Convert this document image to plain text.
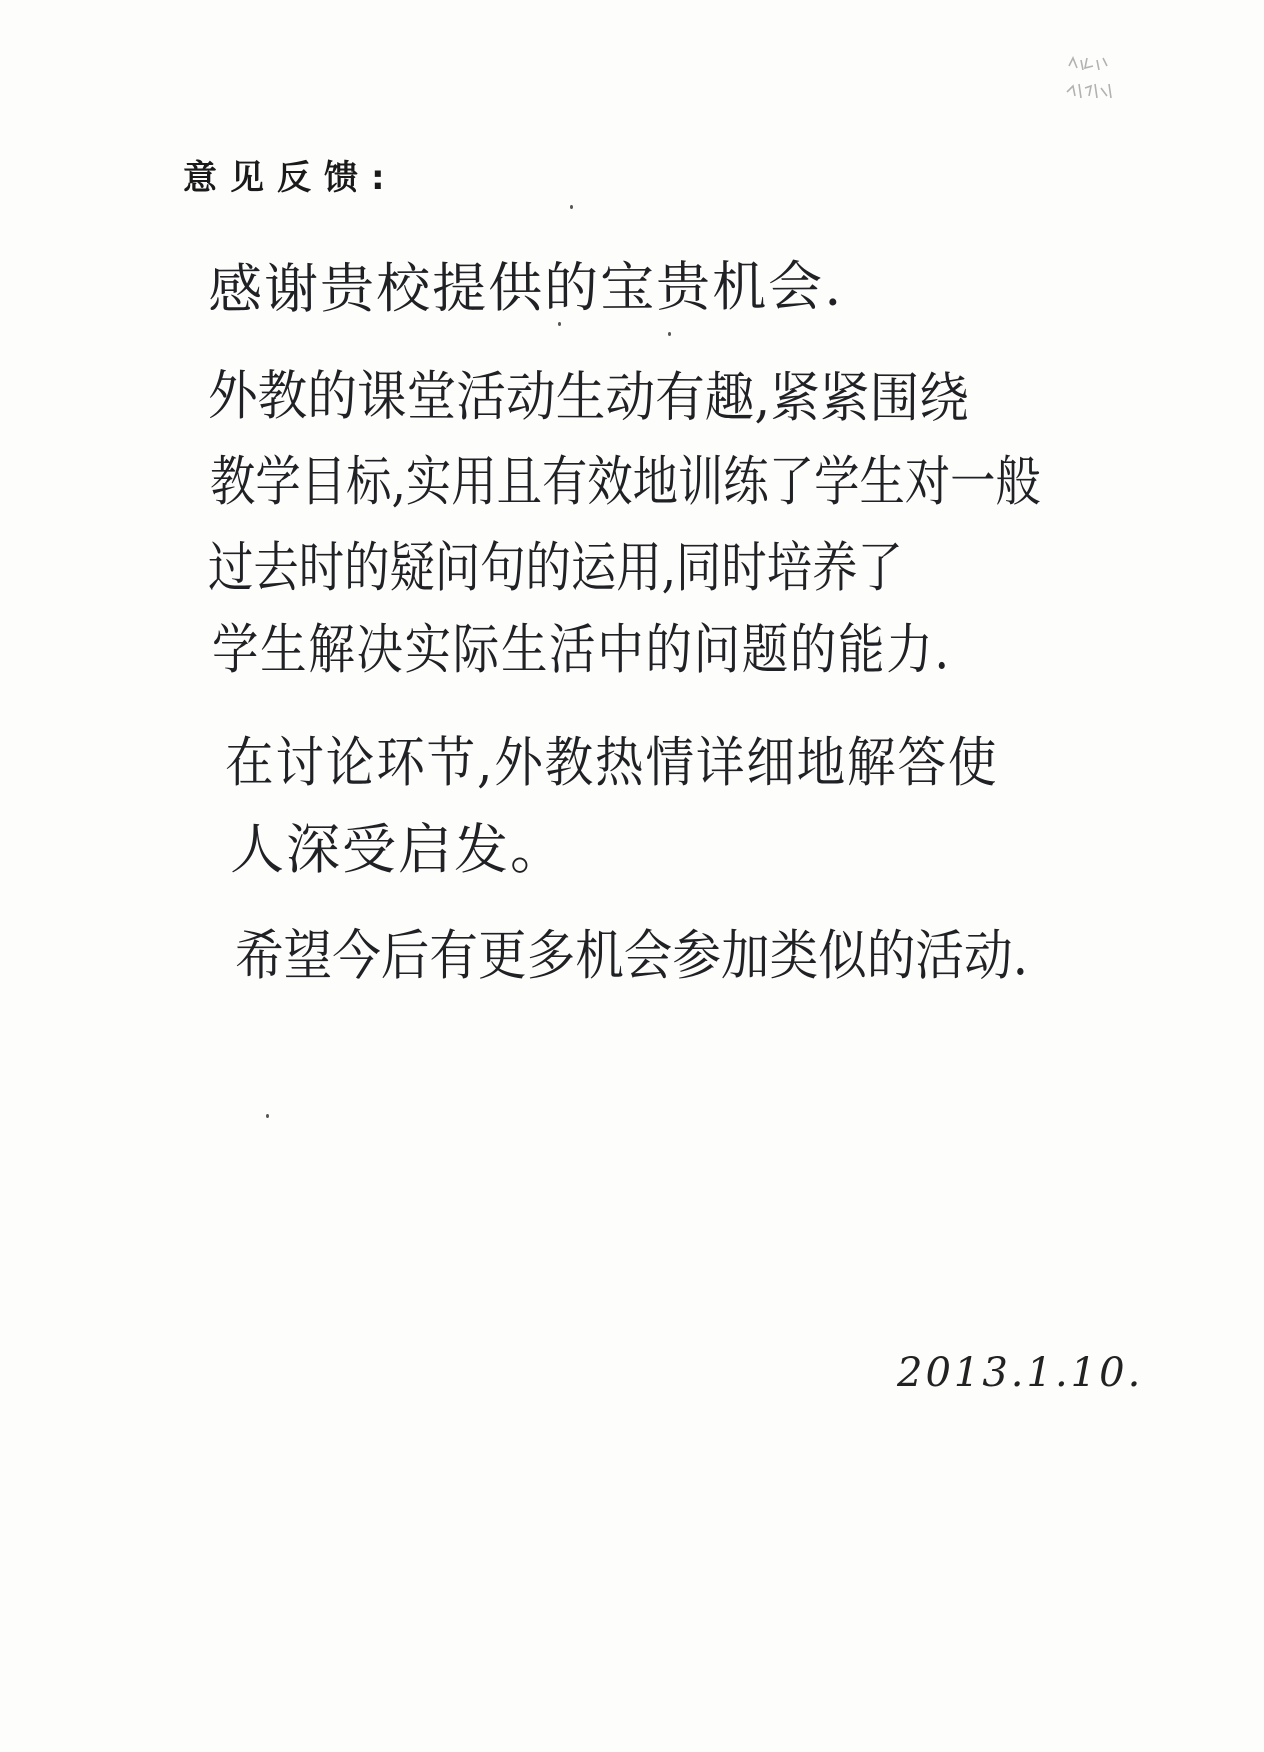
意见反馈:
感谢贵校提供的宝贵机会.
外教的课堂活动生动有趣,紧紧围绕
教学目标,实用且有效地训练了学生对一般
过去时的疑问句的运用,同时培养了
学生解决实际生活中的问题的能力.
在讨论环节,外教热情详细地解答使
人深受启发。
希望今后有更多机会参加类似的活动.
2013.1.10.
